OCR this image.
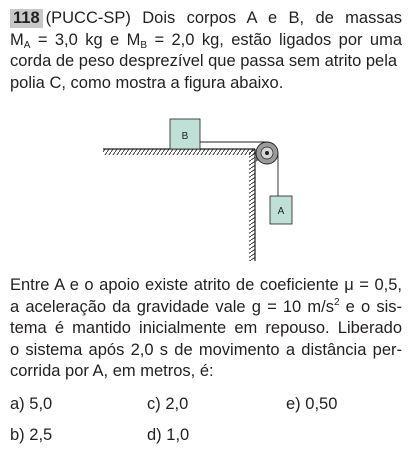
118 (PUCC-SP) Dois corpos A e B, de massas
$M_A = 3,0$ kg e $M_B = 2,0$ kg, estão ligados por uma
corda de peso desprezível que passa sem atrito pela
polia C, como mostra a figura abaixo.
B
A
Entre A e o apoio existe atrito de coeficiente μ = 0,5,
a aceleração da gravidade vale g = 10 $m/s^2$ e o sis-
tema é mantido inicialmente em repouso. Liberado
o sistema após 2,0 s de movimento a distância per-
corrida por A, em metros, é:
a) 5,0	c) 2,0	e) 0,50
b) 2,5	d) 1,0
